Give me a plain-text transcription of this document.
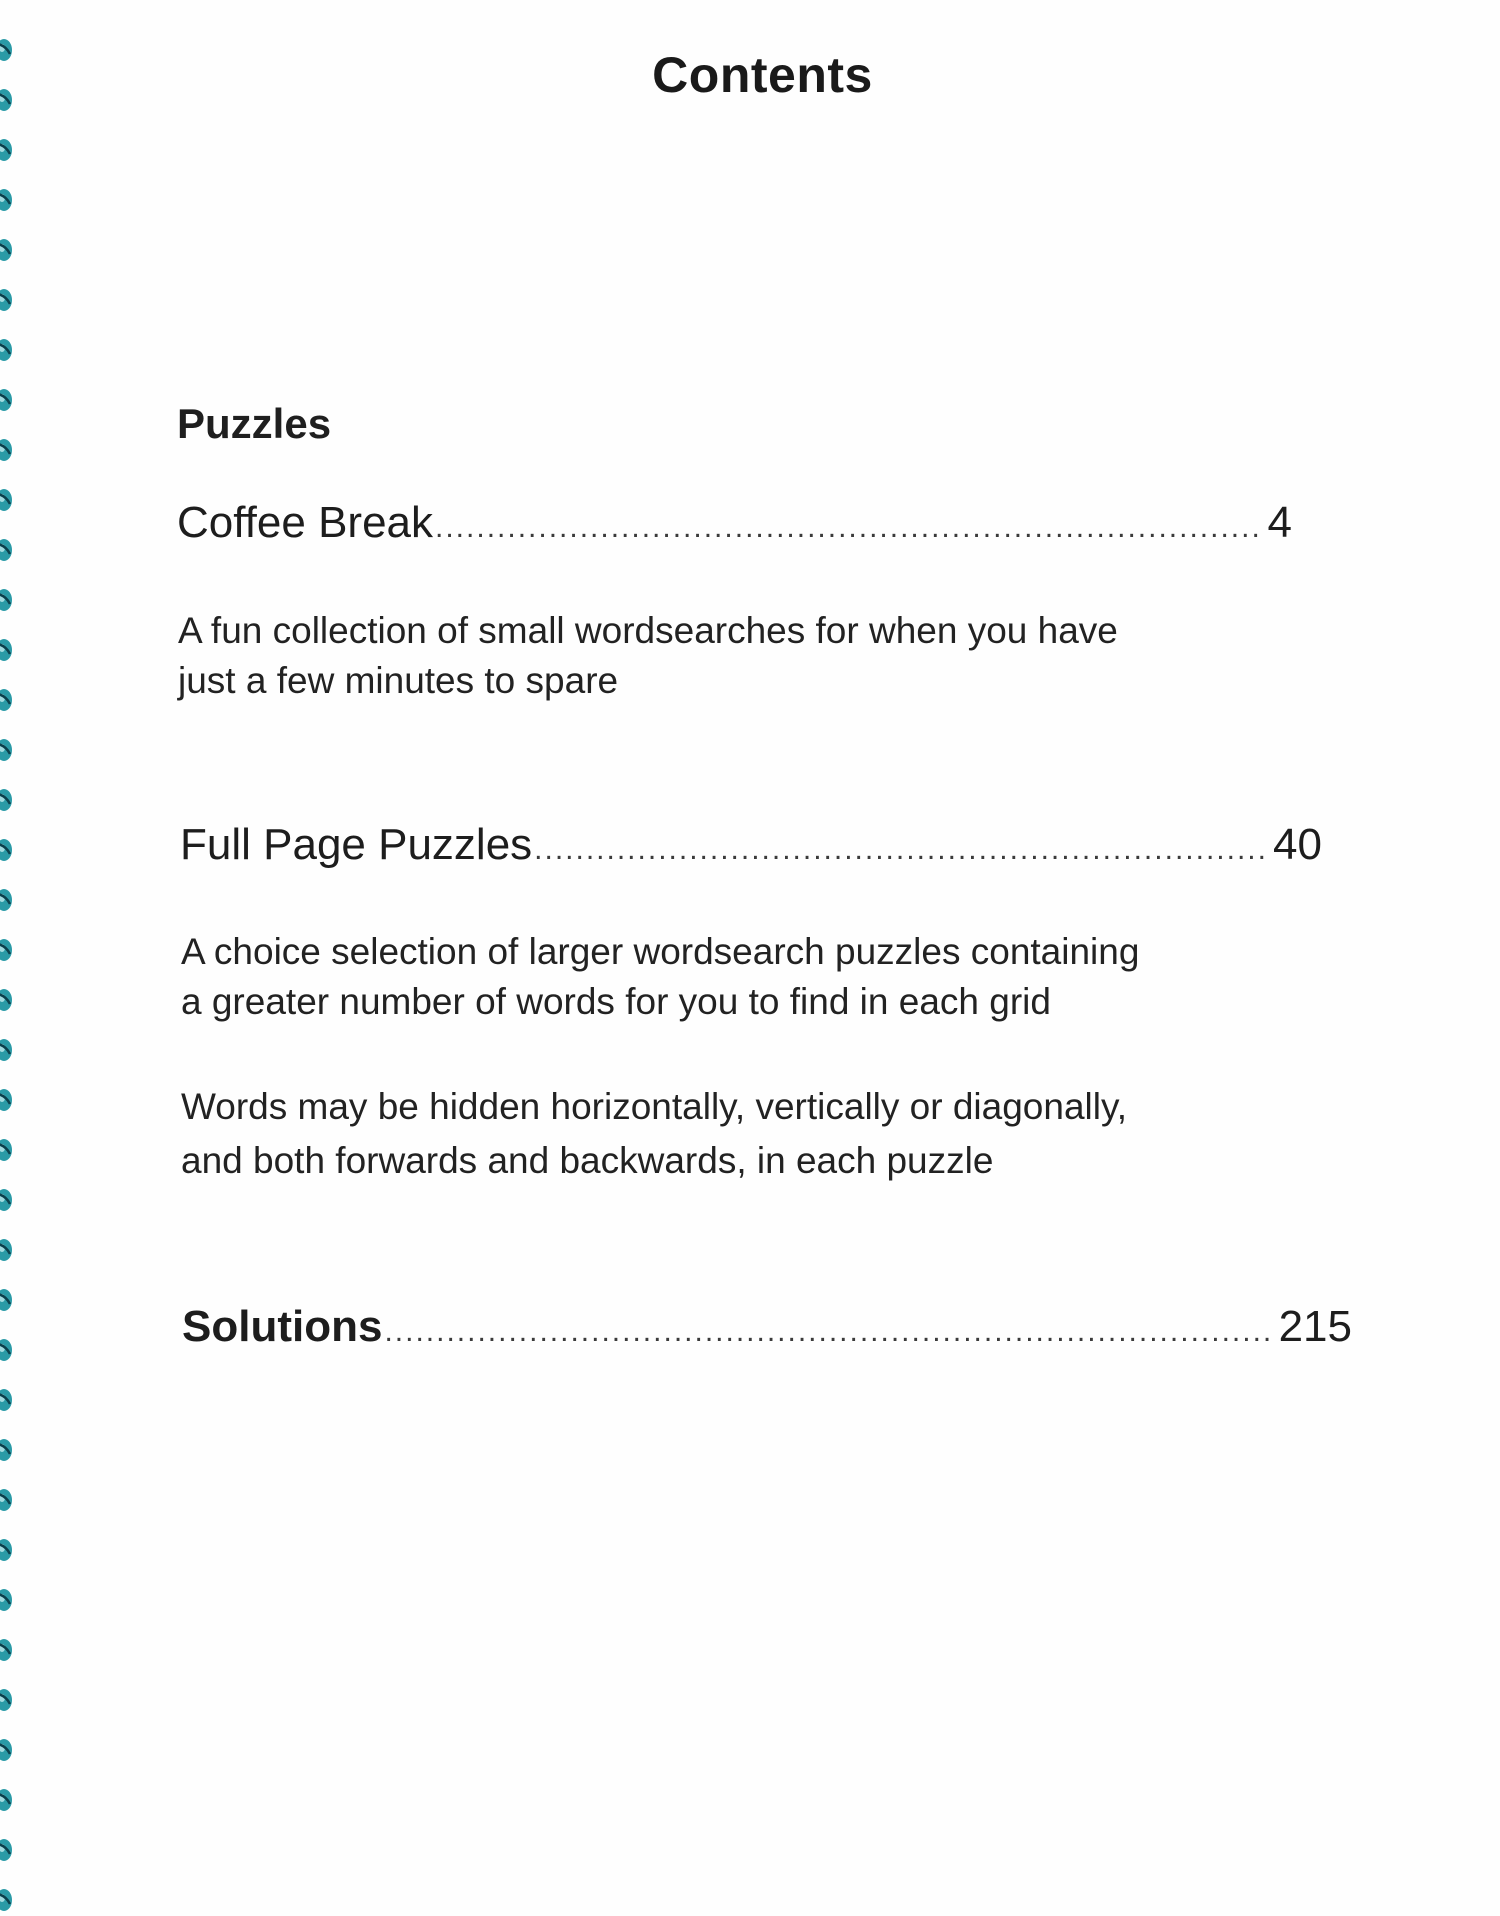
Contents
Puzzles
Coffee Break .....	4
A fun collection of small wordsearches for when you have
just a few minutes to spare
Full Page Puzzles .....	40
A choice selection of larger wordsearch puzzles containing
a greater number of words for you to find in each grid
Words may be hidden horizontally, vertically or diagonally,
and both forwards and backwards, in each puzzle
Solutions .....	215
